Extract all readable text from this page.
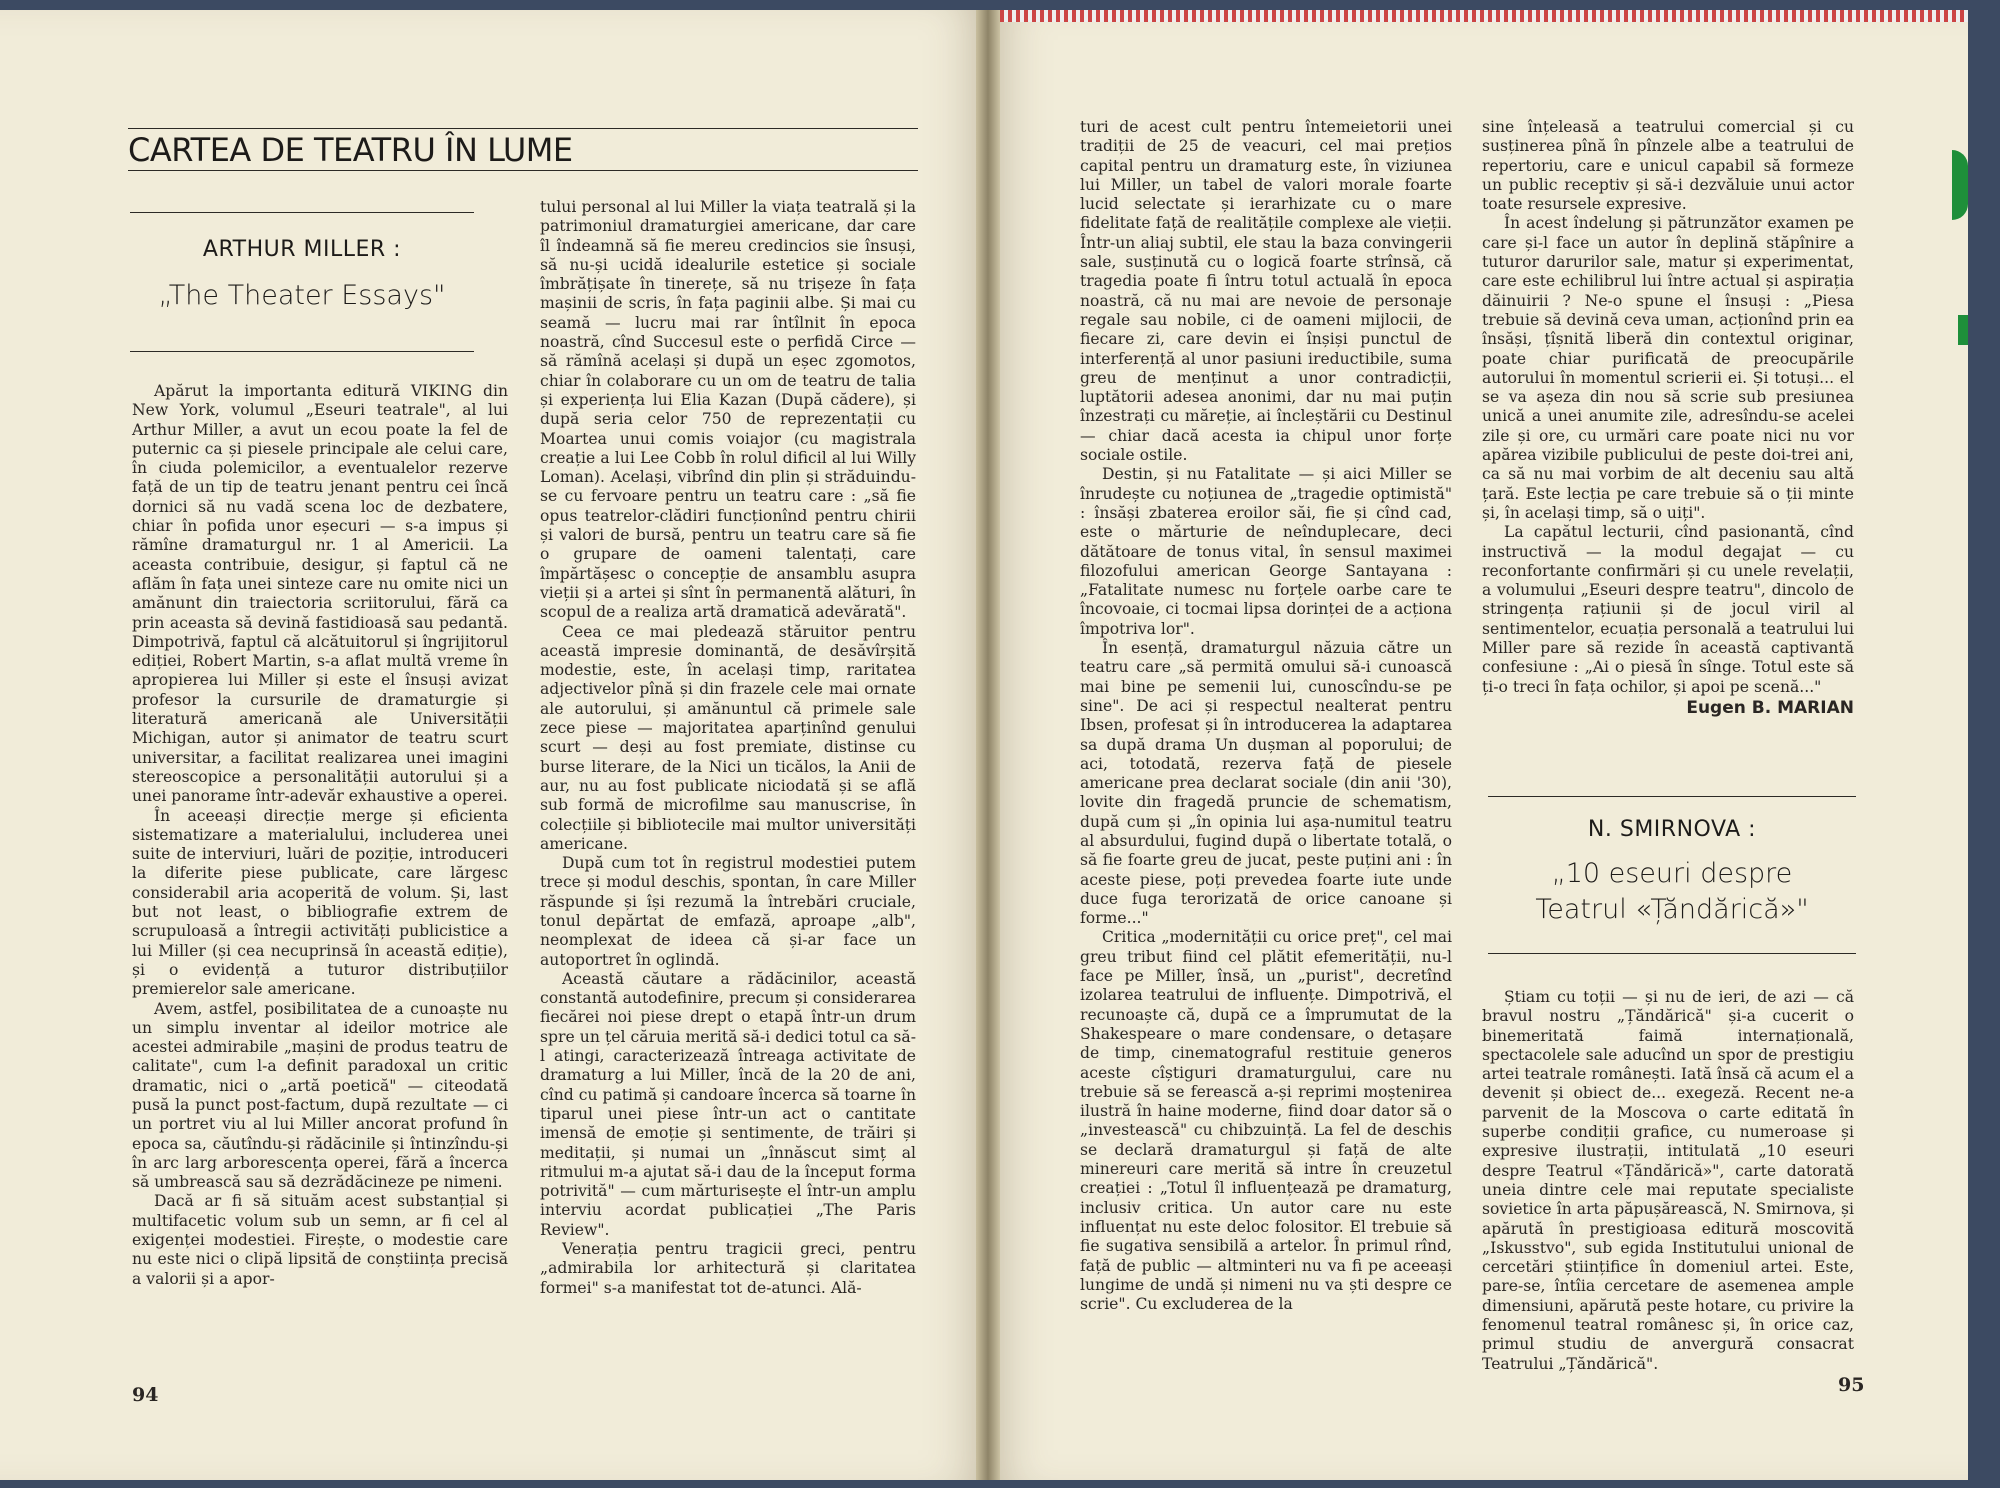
CARTEA DE TEATRU ÎN LUME
ARTHUR MILLER :
„The Theater Essays"

Apărut la importanta editură VIKING din New York, volumul „Eseuri teatrale", al lui Arthur Miller, a avut un ecou poate la fel de puternic ca și piesele principale ale celui care, în ciuda polemicilor, a eventualelor rezerve față de un tip de teatru jenant pentru cei încă dornici să nu vadă scena loc de dezbatere, chiar în pofida unor eșecuri — s-a impus și rămîne dramaturgul nr. 1 al Americii. La aceasta contribuie, desigur, și faptul că ne aflăm în fața unei sinteze care nu omite nici un amănunt din traiectoria scriitorului, fără ca prin aceasta să devină fastidioasă sau pedantă. Dimpotrivă, faptul că alcătuitorul și îngrijitorul ediției, Robert Martin, s-a aflat multă vreme în apropierea lui Miller și este el însuși avizat profesor la cursurile de dramaturgie și literatură americană ale Universității Michigan, autor și animator de teatru scurt universitar, a facilitat realizarea unei imagini stereoscopice a personalității autorului și a unei panorame într-adevăr exhaustive a operei.

În aceeași direcție merge și eficienta sistematizare a materialului, includerea unei suite de interviuri, luări de poziție, introduceri la diferite piese publicate, care lărgesc considerabil aria acoperită de volum. Și, last but not least, o bibliografie extrem de scrupuloasă a întregii activități publicistice a lui Miller (și cea necuprinsă în această ediție), și o evidență a tuturor distribuțiilor premierelor sale americane.

Avem, astfel, posibilitatea de a cunoaște nu un simplu inventar al ideilor motrice ale acestei admirabile „mașini de produs teatru de calitate", cum l-a definit paradoxal un critic dramatic, nici o „artă poetică" — citeodată pusă la punct post-factum, după rezultate — ci un portret viu al lui Miller ancorat profund în epoca sa, căutîndu-și rădăcinile și întinzîndu-și în arc larg arborescența operei, fără a încerca să umbrească sau să dezrădăcineze pe nimeni.

Dacă ar fi să situăm acest substanțial și multifacetic volum sub un semn, ar fi cel al exigenței modestiei. Firește, o modestie care nu este nici o clipă lipsită de conștiința precisă a valorii și a apor-

tului personal al lui Miller la viața teatrală și la patrimoniul dramaturgiei americane, dar care îl îndeamnă să fie mereu credincios sie însuși, să nu-și ucidă idealurile estetice și sociale îmbrățișate în tinerețe, să nu trișeze în fața mașinii de scris, în fața paginii albe. Și mai cu seamă — lucru mai rar întîlnit în epoca noastră, cînd Succesul este o perfidă Circe — să rămînă același și după un eșec zgomotos, chiar în colaborare cu un om de teatru de talia și experiența lui Elia Kazan (După cădere), și după seria celor 750 de reprezentații cu Moartea unui comis voiajor (cu magistrala creație a lui Lee Cobb în rolul dificil al lui Willy Loman). Același, vibrînd din plin și străduindu-se cu fervoare pentru un teatru care : „să fie opus teatrelor-clădiri funcționînd pentru chirii și valori de bursă, pentru un teatru care să fie o grupare de oameni talentați, care împărtășesc o concepție de ansamblu asupra vieții și a artei și sînt în permanentă alături, în scopul de a realiza artă dramatică adevărată".

Ceea ce mai pledează stăruitor pentru această impresie dominantă, de desăvîrșită modestie, este, în același timp, raritatea adjectivelor pînă și din frazele cele mai ornate ale autorului, și amănuntul că primele sale zece piese — majoritatea aparținînd genului scurt — deși au fost premiate, distinse cu burse literare, de la Nici un ticălos, la Anii de aur, nu au fost publicate niciodată și se află sub formă de microfilme sau manuscrise, în colecțiile și bibliotecile mai multor universități americane.

După cum tot în registrul modestiei putem trece și modul deschis, spontan, în care Miller răspunde și își rezumă la întrebări cruciale, tonul depărtat de emfază, aproape „alb", neomplexat de ideea că și-ar face un autoportret în oglindă.

Această căutare a rădăcinilor, această constantă autodefinire, precum și considerarea fiecărei noi piese drept o etapă într-un drum spre un țel căruia merită să-i dedici totul ca să-l atingi, caracterizează întreaga activitate de dramaturg a lui Miller, încă de la 20 de ani, cînd cu patimă și candoare încerca să toarne în tiparul unei piese într-un act o cantitate imensă de emoție și sentimente, de trăiri și meditații, și numai un „înnăscut simț al ritmului m-a ajutat să-i dau de la început forma potrivită" — cum mărturisește el într-un amplu interviu acordat publicației „The Paris Review".

Venerația pentru tragicii greci, pentru „admirabila lor arhitectură și claritatea formei" s-a manifestat tot de-atunci. Ală-

94

turi de acest cult pentru întemeietorii unei tradiții de 25 de veacuri, cel mai prețios capital pentru un dramaturg este, în viziunea lui Miller, un tabel de valori morale foarte lucid selectate și ierarhizate cu o mare fidelitate față de realitățile complexe ale vieții. Într-un aliaj subtil, ele stau la baza convingerii sale, susținută cu o logică foarte strînsă, că tragedia poate fi întru totul actuală în epoca noastră, că nu mai are nevoie de personaje regale sau nobile, ci de oameni mijlocii, de fiecare zi, care devin ei înșiși punctul de interferență al unor pasiuni ireductibile, suma greu de menținut a unor contradicții, luptătorii adesea anonimi, dar nu mai puțin înzestrați cu măreție, ai încleștării cu Destinul — chiar dacă acesta ia chipul unor forțe sociale ostile.

Destin, și nu Fatalitate — și aici Miller se înrudește cu noțiunea de „tragedie optimistă" : însăși zbaterea eroilor săi, fie și cînd cad, este o mărturie de neînduplecare, deci dătătoare de tonus vital, în sensul maximei filozofului american George Santayana : „Fatalitate numesc nu forțele oarbe care te încovoaie, ci tocmai lipsa dorinței de a acționa împotriva lor".

În esență, dramaturgul năzuia către un teatru care „să permită omului să-i cunoască mai bine pe semenii lui, cunoscîndu-se pe sine". De aci și respectul nealterat pentru Ibsen, profesat și în introducerea la adaptarea sa după drama Un dușman al poporului; de aci, totodată, rezerva față de piesele americane prea declarat sociale (din anii '30), lovite din fragedă pruncie de schematism, după cum și „în opinia lui așa-numitul teatru al absurdului, fugind după o libertate totală, o să fie foarte greu de jucat, peste puțini ani : în aceste piese, poți prevedea foarte iute unde duce fuga terorizată de orice canoane și forme..."

Critica „modernității cu orice preț", cel mai greu tribut fiind cel plătit efemerității, nu-l face pe Miller, însă, un „purist", decretînd izolarea teatrului de influențe. Dimpotrivă, el recunoaște că, după ce a împrumutat de la Shakespeare o mare condensare, o detașare de timp, cinematograful restituie generos aceste cîștiguri dramaturgului, care nu trebuie să se ferească a-și reprimi moștenirea ilustră în haine moderne, fiind doar dator să o „investească" cu chibzuință. La fel de deschis se declară dramaturgul și față de alte minereuri care merită să intre în creuzetul creației : „Totul îl influențează pe dramaturg, inclusiv critica. Un autor care nu este influențat nu este deloc folositor. El trebuie să fie sugativa sensibilă a artelor. În primul rînd, față de public — altminteri nu va fi pe aceeași lungime de undă și nimeni nu va ști despre ce scrie". Cu excluderea de la

sine înțeleasă a teatrului comercial și cu susținerea pînă în pînzele albe a teatrului de repertoriu, care e unicul capabil să formeze un public receptiv și să-i dezvăluie unui actor toate resursele expresive.

În acest îndelung și pătrunzător examen pe care și-l face un autor în deplină stăpînire a tuturor darurilor sale, matur și experimentat, care este echilibrul lui între actual și aspirația dăinuirii ? Ne-o spune el însuși : „Piesa trebuie să devină ceva uman, acționînd prin ea însăși, țîșnită liberă din contextul originar, poate chiar purificată de preocupările autorului în momentul scrierii ei. Și totuși... el se va așeza din nou să scrie sub presiunea unică a unei anumite zile, adresîndu-se acelei zile și ore, cu urmări care poate nici nu vor apărea vizibile publicului de peste doi-trei ani, ca să nu mai vorbim de alt deceniu sau altă țară. Este lecția pe care trebuie să o ții minte și, în același timp, să o uiți".

La capătul lecturii, cînd pasionantă, cînd instructivă — la modul degajat — cu reconfortante confirmări și cu unele revelații, a volumului „Eseuri despre teatru", dincolo de stringența rațiunii și de jocul viril al sentimentelor, ecuația personală a teatrului lui Miller pare să rezide în această captivantă confesiune : „Ai o piesă în sînge. Totul este să ți-o treci în fața ochilor, și apoi pe scenă..."

Eugen B. MARIAN
N. SMIRNOVA :
„10 eseuri despre
Teatrul «Țăndărică»"

Știam cu toții — și nu de ieri, de azi — că bravul nostru „Țăndărică" și-a cucerit o binemeritată faimă internațională, spectacolele sale aducînd un spor de prestigiu artei teatrale românești. Iată însă că acum el a devenit și obiect de... exegeză. Recent ne-a parvenit de la Moscova o carte editată în superbe condiții grafice, cu numeroase și expresive ilustrații, intitulată „10 eseuri despre Teatrul «Țăndărică»", carte datorată uneia dintre cele mai reputate specialiste sovietice în arta păpușărească, N. Smirnova, și apărută în prestigioasa editură moscovită „Iskusstvo", sub egida Institutului unional de cercetări științifice în domeniul artei. Este, pare-se, întîia cercetare de asemenea ample dimensiuni, apărută peste hotare, cu privire la fenomenul teatral românesc și, în orice caz, primul studiu de anvergură consacrat Teatrului „Țăndărică".

95
